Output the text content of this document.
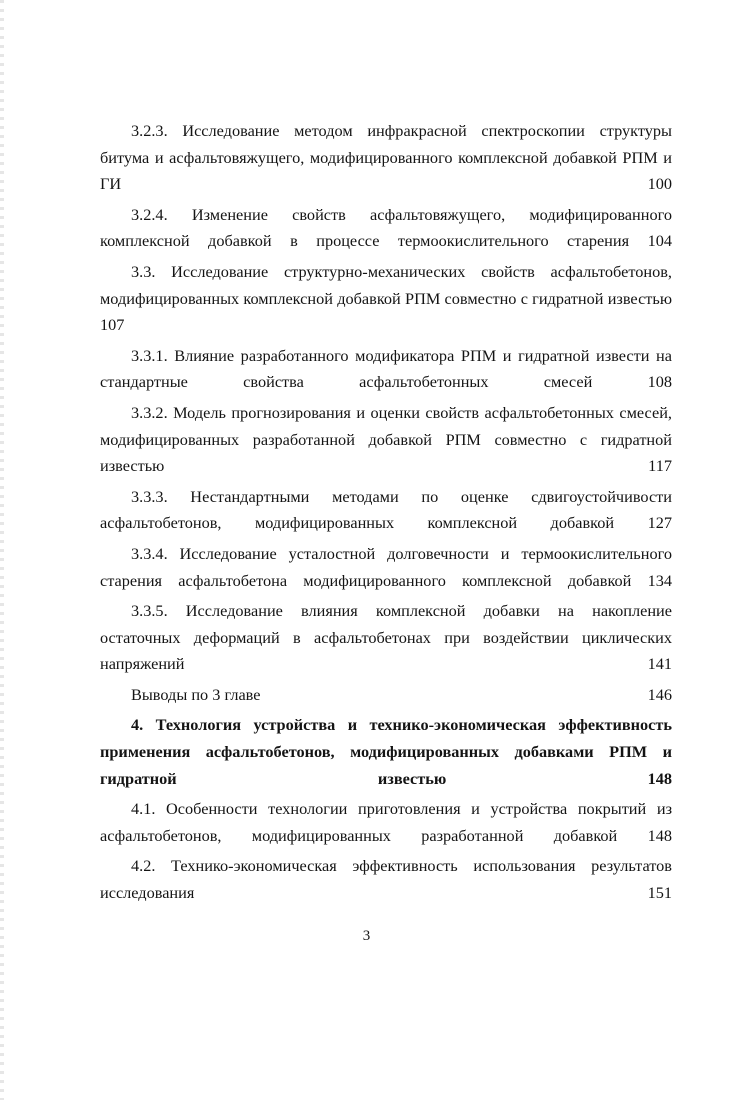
3.2.3. Исследование методом инфракрасной спектроскопии структуры битума и асфальтовяжущего, модифицированного комплексной добавкой РПМ и ГИ	100

3.2.4. Изменение свойств асфальтовяжущего, модифицированного комплексной добавкой в процессе термоокислительного старения 104

3.3. Исследование структурно-механических свойств асфальтобетонов, модифицированных комплексной добавкой РПМ совместно с гидратной известью 107

3.3.1. Влияние разработанного модификатора РПМ и гидратной извести на стандартные свойства асфальтобетонных смесей	108

3.3.2. Модель прогнозирования и оценки свойств асфальтобетонных смесей, модифицированных разработанной добавкой РПМ совместно с гидратной известью	117

3.3.3. Нестандартными методами по оценке сдвигоустойчивости асфальтобетонов, модифицированных комплексной добавкой 127

3.3.4. Исследование усталостной долговечности и термоокислительного старения асфальтобетона модифицированного комплексной добавкой 134

3.3.5. Исследование влияния комплексной добавки на накопление остаточных деформаций в асфальтобетонах при воздействии циклических напряжений	141

Выводы по 3 главе	146

4. Технология устройства и технико-экономическая эффективность применения асфальтобетонов, модифицированных добавками РПМ и гидратной известью	148

4.1. Особенности технологии приготовления и устройства покрытий из асфальтобетонов, модифицированных разработанной добавкой 148

4.2. Технико-экономическая эффективность использования результатов исследования	151

3
